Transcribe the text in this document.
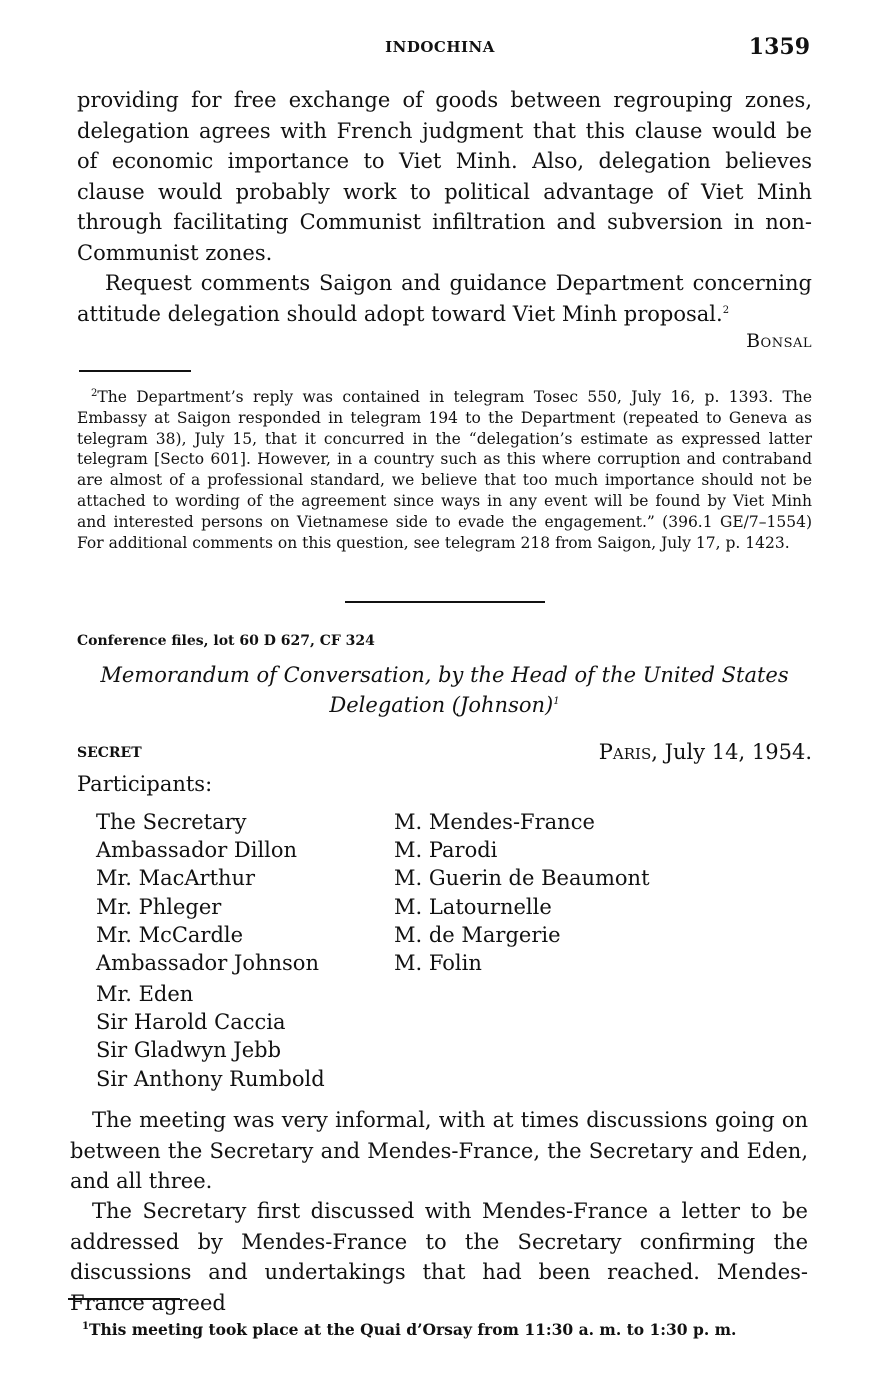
INDOCHINA	1359
providing for free exchange of goods between regrouping zones, delegation agrees with French judgment that this clause would be of economic importance to Viet Minh. Also, delegation believes clause would probably work to political advantage of Viet Minh through facilitating Communist infiltration and subversion in non-Communist zones.
Request comments Saigon and guidance Department concerning attitude delegation should adopt toward Viet Minh proposal.$^2$
Bonsal
$^2$The Department’s reply was contained in telegram Tosec 550, July 16, p. 1393. The Embassy at Saigon responded in telegram 194 to the Department (repeated to Geneva as telegram 38), July 15, that it concurred in the “delegation’s estimate as expressed latter telegram [Secto 601]. However, in a country such as this where corruption and contraband are almost of a professional standard, we believe that too much importance should not be attached to wording of the agreement since ways in any event will be found by Viet Minh and interested persons on Vietnamese side to evade the engagement.” (396.1 GE/7–1554) For additional comments on this question, see telegram 218 from Saigon, July 17, p. 1423.
Conference files, lot 60 D 627, CF 324
Memorandum of Conversation, by the Head of the United States
Delegation (Johnson)$^1$
SECRET	Paris, July 14, 1954.
Participants:
The Secretary
Ambassador Dillon
Mr. MacArthur
Mr. Phleger
Mr. McCardle
Ambassador Johnson
M. Mendes-France
M. Parodi
M. Guerin de Beaumont
M. Latournelle
M. de Margerie
M. Folin
Mr. Eden
Sir Harold Caccia
Sir Gladwyn Jebb
Sir Anthony Rumbold
The meeting was very informal, with at times discussions going on between the Secretary and Mendes-France, the Secretary and Eden, and all three.
The Secretary first discussed with Mendes-France a letter to be addressed by Mendes-France to the Secretary confirming the discussions and undertakings that had been reached. Mendes-France agreed
$^1$This meeting took place at the Quai d’Orsay from 11:30 a. m. to 1:30 p. m.
